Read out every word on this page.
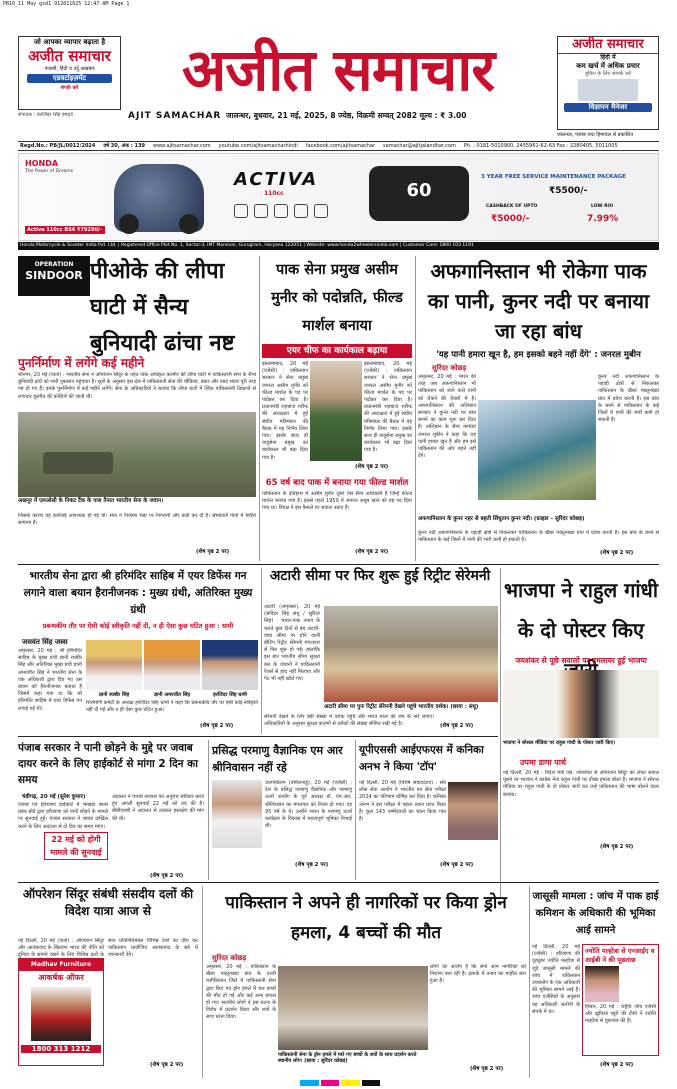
PB10_11 May gsd1 912011025 12:47 AM Page 1
जो आपका व्यापार बढ़ाता है
अजीत समाचार
पंजाबी, हिंदी व उर्दू अखबार
एडवर्टाइज़मेंट
संपर्क करें	अजीत समाचार	अजीत समाचार
हिंदी में
कम खर्च में अधिक प्रचार
बुकिंग के लिए सम्पर्क करें
विज्ञापन मैनेजर
AJIT SAMACHAR जालन्धर, बुधवार, 21 मई, 2025, 8 ज्येष्ठ, विक्रमी सम्वत् 2082 मूल्य : ₹ 3.00
जालन्धर, पंजाब तथा हिमाचल से प्रकाशित
संपादक : बरजिंदर सिंह हमदर्द
Regd.No.: PB/JL/0012/2024 वर्ष 30, अंक : 139 www.ajitsamachar.com youtube.com/ajitsamacharhindi facebook.com/ajitsamachar samachar@ajitjalandhar.com Ph. : 0181-5010900, 2455961-62-63 Fax : 2280405, 5011005
HONDA
The Power of Dreams
Activa 110cc BS6 ₹79290/-
ACTIVA
110cc	60
3 YEAR FREE SERVICE MAINTENANCE PACKAGE
₹5500/-
CASHBACK OF UPTO
₹5000/-
LOW ROI
7.99%
Honda Motorcycle & Scooter India Pvt. Ltd. | Registered Office Plot No. 1, Sector-3, IMT Manesar, Gurugram, Haryana 122051 | Website: www.honda2wheelersindia.com | Customer Care: 1800 103 1191
OPERATION
SINDOOR पीओके की लीपा घाटी में सैन्य बुनियादी ढांचा नष्ट
पुनर्निर्माण में लगेंगे कई महीने
श्रीनगर, 20 मई (वार्ता) : भारतीय सेना ने ऑपरेशन सिंदूर के तहत पाक अधिकृत कश्मीर की लीपा घाटी में पाकिस्तानी सेना के सैन्य बुनियादी ढांचे को भारी नुकसान पहुंचाया है। सूत्रों के अनुसार इस क्षेत्र में पाकिस्तानी सेना की चौकियां, बंकर और रसद भंडार पूरी तरह नष्ट हो गए हैं। इनके पुनर्निर्माण में कई महीने लगेंगे। सेना के अधिकारियों ने बताया कि लीपा घाटी में स्थित पाकिस्तानी ठिकानों से लगातार घुसपैठ की कोशिशें की जाती थीं।
अखनूर में एलओसी के निकट टैंक के पास तैनात भारतीय सेना के जवान।
जिसके कारण यह कार्रवाई आवश्यक हो गई थी। सेना ने नियंत्रण रेखा पर निगरानी और कड़ी कर दी है। सीमावर्ती गांवों में स्थिति सामान्य है।
(शेष पृष्ठ 2 पर)
पाक सेना प्रमुख असीम मुनीर को पदोन्नति, फील्ड मार्शल बनाया
एयर चीफ का कार्यकाल बढ़ाया
इस्लामाबाद, 20 मई (एजेंसी) : पाकिस्तान सरकार ने सेना प्रमुख जनरल असीम मुनीर को फील्ड मार्शल के पद पर पदोन्नत कर दिया है। प्रधानमंत्री शहबाज शरीफ की अध्यक्षता में हुई संघीय मंत्रिमंडल की बैठक में यह निर्णय लिया गया। इसके साथ ही वायुसेना प्रमुख का कार्यकाल भी बढ़ा दिया गया है।
इस्लामाबाद, 20 मई (एजेंसी) : पाकिस्तान सरकार ने सेना प्रमुख जनरल असीम मुनीर को फील्ड मार्शल के पद पर पदोन्नत कर दिया है। प्रधानमंत्री शहबाज शरीफ की अध्यक्षता में हुई संघीय मंत्रिमंडल की बैठक में यह निर्णय लिया गया। इसके साथ ही वायुसेना प्रमुख का कार्यकाल भी बढ़ा दिया गया है।
(शेष पृष्ठ 2 पर)
65 वर्ष बाद पाक में बनाया गया फील्ड मार्शल
पाकिस्तान के इतिहास में असीम मुनीर दूसरे ऐसे सैन्य अधिकारी हैं जिन्हें फील्ड मार्शल बनाया गया है। इससे पहले 1959 में जनरल अयूब खान को यह पद दिया गया था। विपक्ष ने इस फैसले पर सवाल उठाए हैं।
(शेष पृष्ठ 2 पर)
अफगानिस्तान भी रोकेगा पाक का पानी, कुनर नदी पर बनाया जा रहा बांध
'यह पानी हमारा खून है, हम इसको बहने नहीं देंगे' : जनरल मुबीन
सुरिंदर कोछड़
अमृतसर, 20 मई : भारत की तरह अब अफगानिस्तान भी पाकिस्तान को जाने वाले पानी को रोकने की तैयारी में है। अफगानिस्तान की तालिबान सरकार ने कुनर नदी पर बांध बनाने का काम शुरू कर दिया है। तालिबान के सैन्य कमांडर जनरल मुबीन ने कहा कि यह पानी हमारा खून है और हम इसे पाकिस्तान की ओर बहने नहीं देंगे।
कुनर नदी अफगानिस्तान के पहाड़ी क्षेत्रों से निकलकर पाकिस्तान के खैबर पख्तूनख्वा प्रांत में प्रवेश करती है। इस बांध के बनने से पाकिस्तान के कई जिलों में पानी की भारी कमी हो सकती है।
अफगानिस्तान के कुनर नहर से बहती सिंधुतान कुनर नदी। (फ़ाइल – सुरिंदर कोछड़)
कुनर नदी अफगानिस्तान के पहाड़ी क्षेत्रों से निकलकर पाकिस्तान के खैबर पख्तूनख्वा प्रांत में प्रवेश करती है। इस बांध के बनने से पाकिस्तान के कई जिलों में पानी की भारी कमी हो सकती है।
(शेष पृष्ठ 2 पर)
भारतीय सेना द्वारा श्री हरिमंदिर साहिब में एयर डिफेंस गन लगाने वाला बयान हैरानीजनक : मुख्य ग्रंथी, अतिरिक्त मुख्य ग्रंथी
प्रबन्धकीय तौर पर ऐसी कोई स्वीकृति नहीं दी, न ही ऐसा कुछ घटित हुआ : धामी
जसवंत सिंह जस्स
अमृतसर, 20 मई : श्री हरिमंदिर साहिब के मुख्य ग्रंथी ज्ञानी रघबीर सिंह और अतिरिक्त मुख्य ग्रंथी ज्ञानी अमरजीत सिंह ने भारतीय सेना के एक अधिकारी द्वारा दिए गए उस बयान को हैरानीजनक बताया है जिसमें कहा गया था कि श्री हरिमंदिर साहिब में एयर डिफेंस गन लगाई गई थी।
ज्ञानी रघबीर सिंह	ज्ञानी अमरजीत सिंह	हरजिंदर सिंह धामी
शिरोमणि कमेटी के अध्यक्ष हरजिंदर सिंह धामी ने कहा कि प्रबन्धकीय तौर पर ऐसी कोई स्वीकृति नहीं दी गई और न ही ऐसा कुछ घटित हुआ।
(शेष पृष्ठ 2 पर)
अटारी सीमा पर फिर शुरू हुई रिट्रीट सेरेमनी
अटारी (अमृतसर), 20 मई (सविंदर सिंह संधू / सुरिंदर सिंह) : भारत-पाक तनाव के चलते कुछ दिनों से बंद अटारी-वाघा सीमा पर होने वाली बीटिंग रिट्रीट सेरेमनी मंगलवार से फिर शुरू हो गई। हालांकि इस बार भारतीय सीमा सुरक्षा बल के जवानों ने पाकिस्तानी रेंजर्स से हाथ नहीं मिलाया और गेट भी नहीं खोले गए।
अटारी सीमा पर पुनः रिट्रीट सेरेमनी देखने पहुंचे भारतीय दर्शक। (छाया : संधू)
सेरेमनी देखने के लिए बड़ी संख्या में दर्शक पहुंचे और भारत माता की जय के नारे लगाए। अधिकारियों के अनुसार सुरक्षा कारणों से दर्शकों की संख्या सीमित रखी गई है।	(शेष पृष्ठ 2 पर)
भाजपा ने राहुल गांधी के दो पोस्टर किए
जयशंकर से पूछे सवालों पर हमलावर हुई भाजपा
भाजपा ने सोशल मीडिया पर राहुल गांधी के पोस्टर जारी किए।
उपमा डागा पार्थ
नई दिल्ली, 20 मई : विदेश मंत्री एस. जयशंकर से ऑपरेशन सिंदूर को लेकर सवाल पूछने पर भाजपा ने कांग्रेस नेता राहुल गांधी पर तीखा हमला बोला है। भाजपा ने सोशल मीडिया पर राहुल गांधी के दो पोस्टर जारी कर उन्हें पाकिस्तान की भाषा बोलने वाला बताया।
(शेष पृष्ठ 2 पर)
पंजाब सरकार ने पानी छोड़ने के मुद्दे पर जवाब दायर करने के लिए हाईकोर्ट से मांगा 2 दिन का समय
चंडीगढ़, 20 मई (सुरेश कुमार)
पंजाब एवं हरियाणा हाईकोर्ट में भाखड़ा ब्यास प्रबंध बोर्ड द्वारा हरियाणा को पानी छोड़ने के मामले पर सुनवाई हुई। पंजाब सरकार ने जवाब दाखिल करने के लिए अदालत से दो दिन का समय मांगा।
22 मई को होगी मामले की सुनवाई
अदालत ने पंजाब सरकार का अनुरोध स्वीकार करते हुए अगली सुनवाई 22 मई को तय की है। बीबीएमबी ने अदालत से तत्काल हस्तक्षेप की मांग की थी।
(शेष पृष्ठ 2 पर)
प्रसिद्ध परमाणु वैज्ञानिक एम आर श्रीनिवासन नहीं रहे
उधगमंडलम (तमिलनाडु), 20 मई (एजेंसी) : देश के प्रसिद्ध परमाणु वैज्ञानिक और परमाणु ऊर्जा आयोग के पूर्व अध्यक्ष डॉ. एम.आर. श्रीनिवासन का मंगलवार को निधन हो गया। वह 95 वर्ष के थे। उन्होंने भारत के परमाणु ऊर्जा कार्यक्रम के विकास में महत्वपूर्ण भूमिका निभाई थी।
(शेष पृष्ठ 2 पर)
यूपीएससी आईएफएस में कनिका अनभ ने किया 'टॉप'
नई दिल्ली, 20 मई (विशेष संवाददाता) : संघ लोक सेवा आयोग ने भारतीय वन सेवा परीक्षा 2024 का परिणाम घोषित कर दिया है। कनिका अनभ ने इस परीक्षा में पहला स्थान प्राप्त किया है। कुल 143 उम्मीदवारों का चयन किया गया है।
(शेष पृष्ठ 2 पर)
ऑपरेशन सिंदूर संबंधी संसदीय दलों की विदेश यात्रा आज से
नई दिल्ली, 20 मई (वार्ता) : ऑपरेशन सिंदूर और आतंकवाद के खिलाफ भारत की नीति को दुनिया के सामने रखने के लिए विभिन्न दलों के
Madhav Furniture
आकर्षक ऑफर
1800 313 1212
सात प्रतिनिधिमंडल विभिन्न देशों का दौरा कर पाकिस्तान प्रायोजित आतंकवाद के बारे में जानकारी देंगे।
(शेष पृष्ठ 2 पर)
पाकिस्तान ने अपने ही नागरिकों पर किया ड्रोन हमला, 4 बच्चों की मौत
सुरिंदर कोछड़
अमृतसर, 20 मई : पाकिस्तान के खैबर पख्तूनख्वा प्रांत के उत्तरी वजीरिस्तान जिले में पाकिस्तानी सेना द्वारा किए गए ड्रोन हमले में चार बच्चों की मौत हो गई और कई अन्य घायल हो गए। स्थानीय लोगों ने इस घटना के विरोध में प्रदर्शन किया और शवों के साथ धरना दिया।
पाकिस्तानी सेना के ड्रोन हमले में मारे गए बच्चों के शवों के साथ प्रदर्शन करते स्थानीय लोग। (छाया : सुरिंदर कोछड़)
लोगों का आरोप है कि सेना आम नागरिकों को निशाना बना रही है। इलाके में तनाव का माहौल बना हुआ है।
(शेष पृष्ठ 2 पर)
जासूसी मामला : जांच में पाक हाई कमिशन के अधिकारी की भूमिका आई सामने
नई दिल्ली, 20 मई (एजेंसी) : हरियाणा की यूट्यूबर ज्योति मल्होत्रा से जुड़े जासूसी मामले की जांच में पाकिस्तान उच्चायोग के एक अधिकारी की भूमिका सामने आई है। जांच एजेंसियों के अनुसार यह अधिकारी आरोपी के संपर्क में था।
ज्योति मल्होत्रा से एनआईए व आईबी ने की पूछताछ
हिसार, 20 मई : राष्ट्रीय जांच एजेंसी और खुफिया ब्यूरो की टीमों ने ज्योति मल्होत्रा से पूछताछ की है।
(शेष पृष्ठ 2 पर)
